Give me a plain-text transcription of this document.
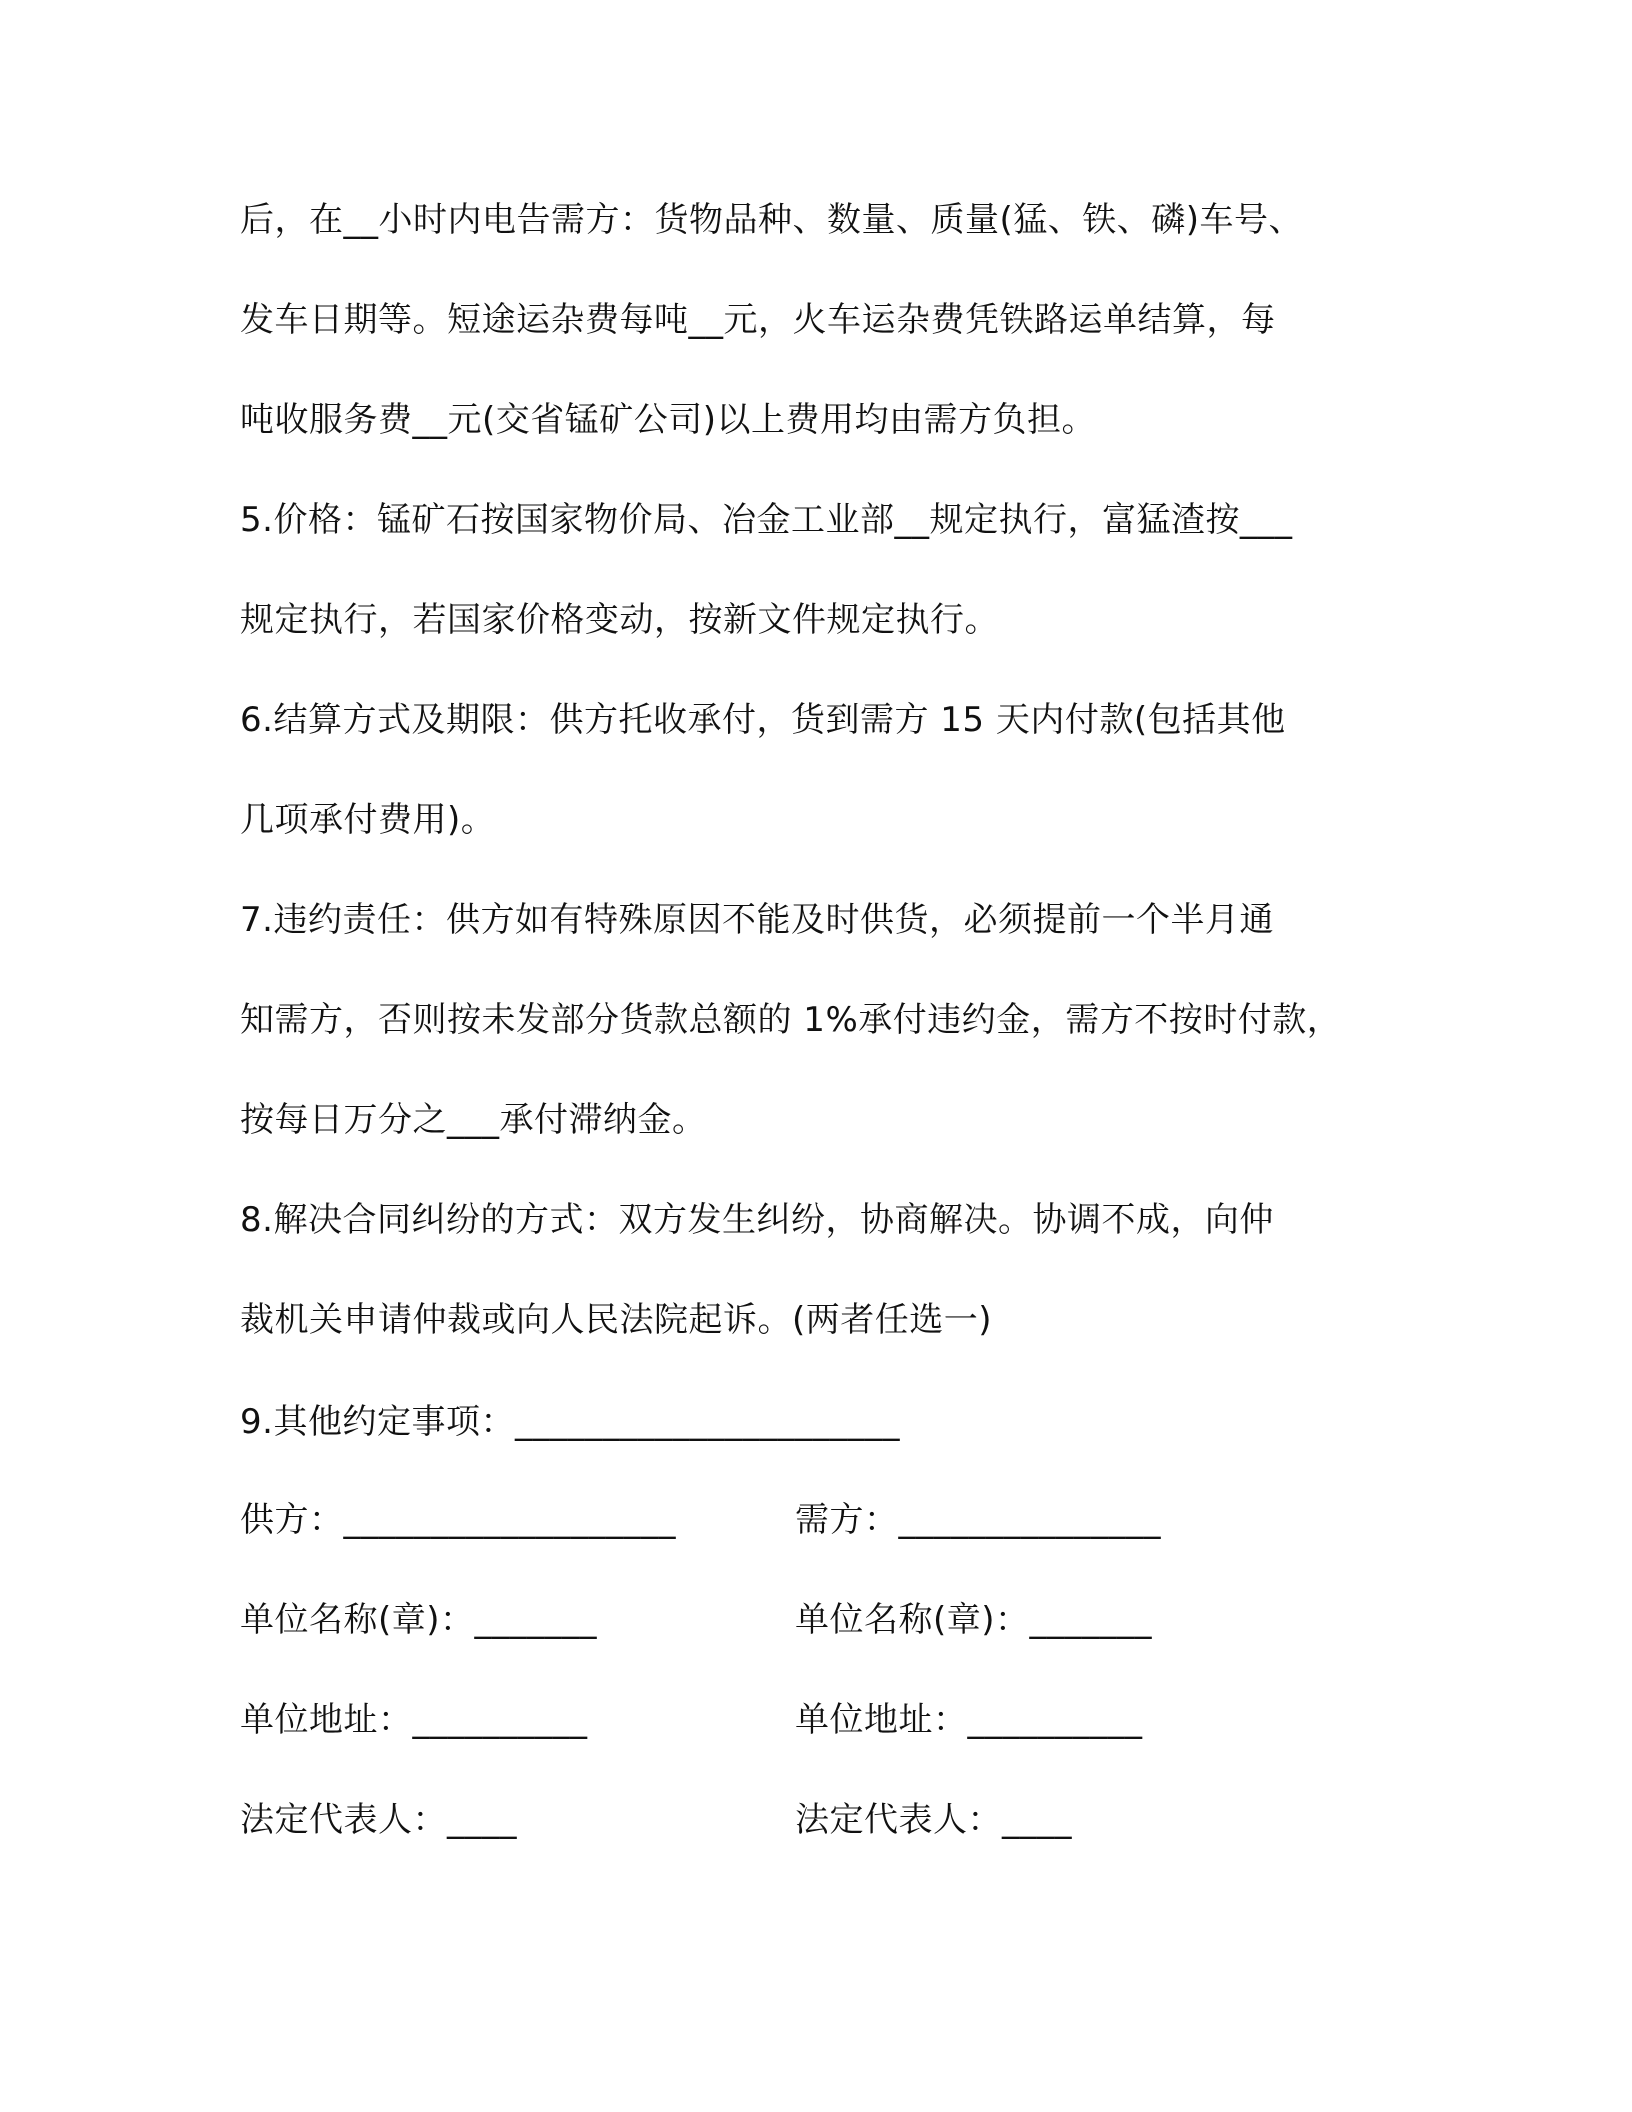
后，在__小时内电告需方：货物品种、数量、质量(猛、铁、磷)车号、
发车日期等。短途运杂费每吨__元，火车运杂费凭铁路运单结算，每
吨收服务费__元(交省锰矿公司)以上费用均由需方负担。
5.价格：锰矿石按国家物价局、冶金工业部__规定执行，富猛渣按___
规定执行，若国家价格变动，按新文件规定执行。
6.结算方式及期限：供方托收承付，货到需方 15 天内付款(包括其他
几项承付费用)。
7.违约责任：供方如有特殊原因不能及时供货，必须提前一个半月通
知需方，否则按未发部分货款总额的 1%承付违约金，需方不按时付款，
按每日万分之___承付滞纳金。
8.解决合同纠纷的方式：双方发生纠纷，协商解决。协调不成，向仲
裁机关申请仲裁或向人民法院起诉。(两者任选一)
9.其他约定事项：______________________
供方：___________________	需方：_______________
单位名称(章)：_______	单位名称(章)：_______
单位地址：__________	单位地址：__________
法定代表人：____	法定代表人：____
